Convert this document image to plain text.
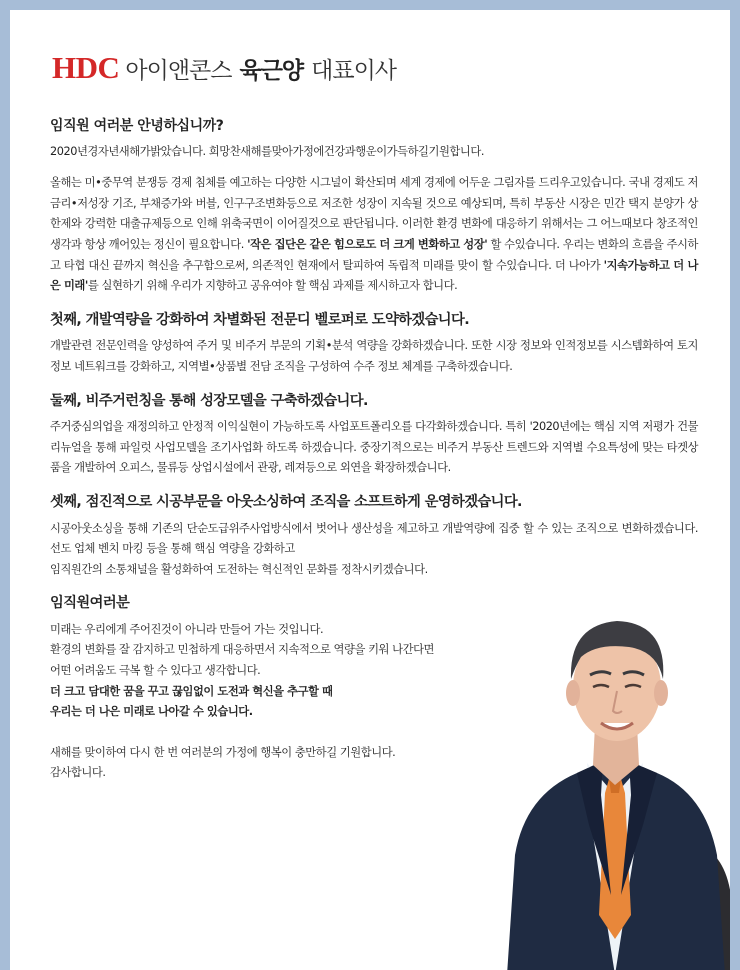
HDC 아이앤콘스 육근양 대표이사
임직원 여러분 안녕하십니까?

2020년경자년새해가밝았습니다. 희망찬새해를맞아가정에건강과행운이가득하길기원합니다.

올해는 미•중무역 분쟁등 경제 침체를 예고하는 다양한 시그널이 확산되며 세계 경제에 어두운 그림자를 드리우고있습니다. 국내 경제도 저금리•저성장 기조, 부채증가와 버블, 인구구조변화등으로 저조한 성장이 지속될 것으로 예상되며, 특히 부동산 시장은 민간 택지 분양가 상한제와 강력한 대출규제등으로 인해 위축국면이 이어질것으로 판단됩니다. 이러한 환경 변화에 대응하기 위해서는 그 어느때보다 창조적인 생각과 항상 깨어있는 정신이 필요합니다. '작은 집단은 같은 힘으로도 더 크게 변화하고 성장' 할 수있습니다. 우리는 변화의 흐름을 주시하고 타협 대신 끝까지 혁신을 추구함으로써, 의존적인 현재에서 탈피하여 독립적 미래를 맞이 할 수있습니다. 더 나아가 '지속가능하고 더 나은 미래'를 실현하기 위해 우리가 지향하고 공유여야 할 핵심 과제를 제시하고자 합니다.

첫째, 개발역량을 강화하여 차별화된 전문디 벨로퍼로 도약하겠습니다.

개발관련 전문인력을 양성하여 주거 및 비주거 부문의 기획•분석 역량을 강화하겠습니다. 또한 시장 정보와 인적정보를 시스템화하여 토지 정보 네트워크를 강화하고, 지역별•상품별 전담 조직을 구성하여 수주 정보 체계를 구축하겠습니다.

둘째, 비주거런칭을 통해 성장모델을 구축하겠습니다.

주거중심의업을 재정의하고 안정적 이익실현이 가능하도록 사업포트폴리오를 다각화하겠습니다. 특히 '2020년에는 핵심 지역 저평가 건물 리뉴얼을 통해 파일럿 사업모델을 조기사업화 하도록 하겠습니다. 중장기적으로는 비주거 부동산 트렌드와 지역별 수요특성에 맞는 타겟상품을 개발하여 오피스, 물류등 상업시설에서 관광, 레져등으로 외연을 확장하겠습니다.

셋째, 점진적으로 시공부문을 아웃소싱하여 조직을 소프트하게 운영하겠습니다.

시공아웃소싱을 통해 기존의 단순도급위주사업방식에서 벗어나 생산성을 제고하고 개발역량에 집중 할 수 있는 조직으로 변화하겠습니다. 선도 업체 벤치 마킹 등을 통해 핵심 역량을 강화하고

임직원간의 소통채널을 활성화하여 도전하는 혁신적인 문화를 정착시키겠습니다.

임직원여러분

미래는 우리에게 주어진것이 아니라 만들어 가는 것입니다.

환경의 변화를 잘 감지하고 민첩하게 대응하면서 지속적으로 역량을 키워 나간다면

어떤 어려움도 극복 할 수 있다고 생각합니다.

더 크고 담대한 꿈을 꾸고 끊임없이 도전과 혁신을 추구할 때

우리는 더 나은 미래로 나아갈 수 있습니다.

새해를 맞이하여 다시 한 번 여러분의 가정에 행복이 충만하길 기원합니다.

감사합니다.
